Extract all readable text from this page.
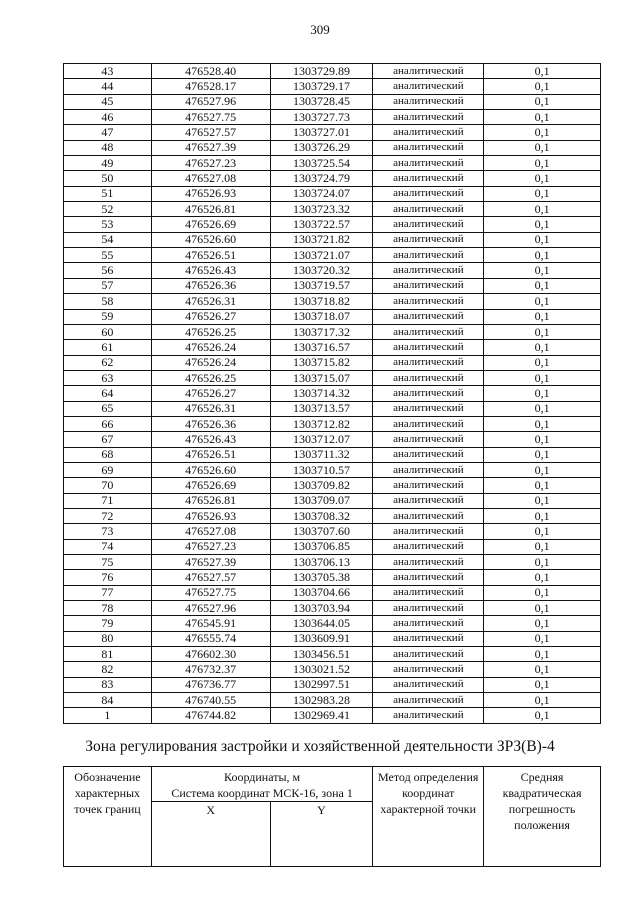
309
43	476528.40	1303729.89	аналитический	0,1
44	476528.17	1303729.17	аналитический	0,1
45	476527.96	1303728.45	аналитический	0,1
46	476527.75	1303727.73	аналитический	0,1
47	476527.57	1303727.01	аналитический	0,1
48	476527.39	1303726.29	аналитический	0,1
49	476527.23	1303725.54	аналитический	0,1
50	476527.08	1303724.79	аналитический	0,1
51	476526.93	1303724.07	аналитический	0,1
52	476526.81	1303723.32	аналитический	0,1
53	476526.69	1303722.57	аналитический	0,1
54	476526.60	1303721.82	аналитический	0,1
55	476526.51	1303721.07	аналитический	0,1
56	476526.43	1303720.32	аналитический	0,1
57	476526.36	1303719.57	аналитический	0,1
58	476526.31	1303718.82	аналитический	0,1
59	476526.27	1303718.07	аналитический	0,1
60	476526.25	1303717.32	аналитический	0,1
61	476526.24	1303716.57	аналитический	0,1
62	476526.24	1303715.82	аналитический	0,1
63	476526.25	1303715.07	аналитический	0,1
64	476526.27	1303714.32	аналитический	0,1
65	476526.31	1303713.57	аналитический	0,1
66	476526.36	1303712.82	аналитический	0,1
67	476526.43	1303712.07	аналитический	0,1
68	476526.51	1303711.32	аналитический	0,1
69	476526.60	1303710.57	аналитический	0,1
70	476526.69	1303709.82	аналитический	0,1
71	476526.81	1303709.07	аналитический	0,1
72	476526.93	1303708.32	аналитический	0,1
73	476527.08	1303707.60	аналитический	0,1
74	476527.23	1303706.85	аналитический	0,1
75	476527.39	1303706.13	аналитический	0,1
76	476527.57	1303705.38	аналитический	0,1
77	476527.75	1303704.66	аналитический	0,1
78	476527.96	1303703.94	аналитический	0,1
79	476545.91	1303644.05	аналитический	0,1
80	476555.74	1303609.91	аналитический	0,1
81	476602.30	1303456.51	аналитический	0,1
82	476732.37	1303021.52	аналитический	0,1
83	476736.77	1302997.51	аналитический	0,1
84	476740.55	1302983.28	аналитический	0,1
1	476744.82	1302969.41	аналитический	0,1
Зона регулирования застройки и хозяйственной деятельности ЗРЗ(В)-4
Обозначение характерных точек границ	Координаты, м		Метод определения координат характерной точки	Средняя квадратическая погрешность положения
	Система координат МСК-16, зона 1			
	X	Y		
